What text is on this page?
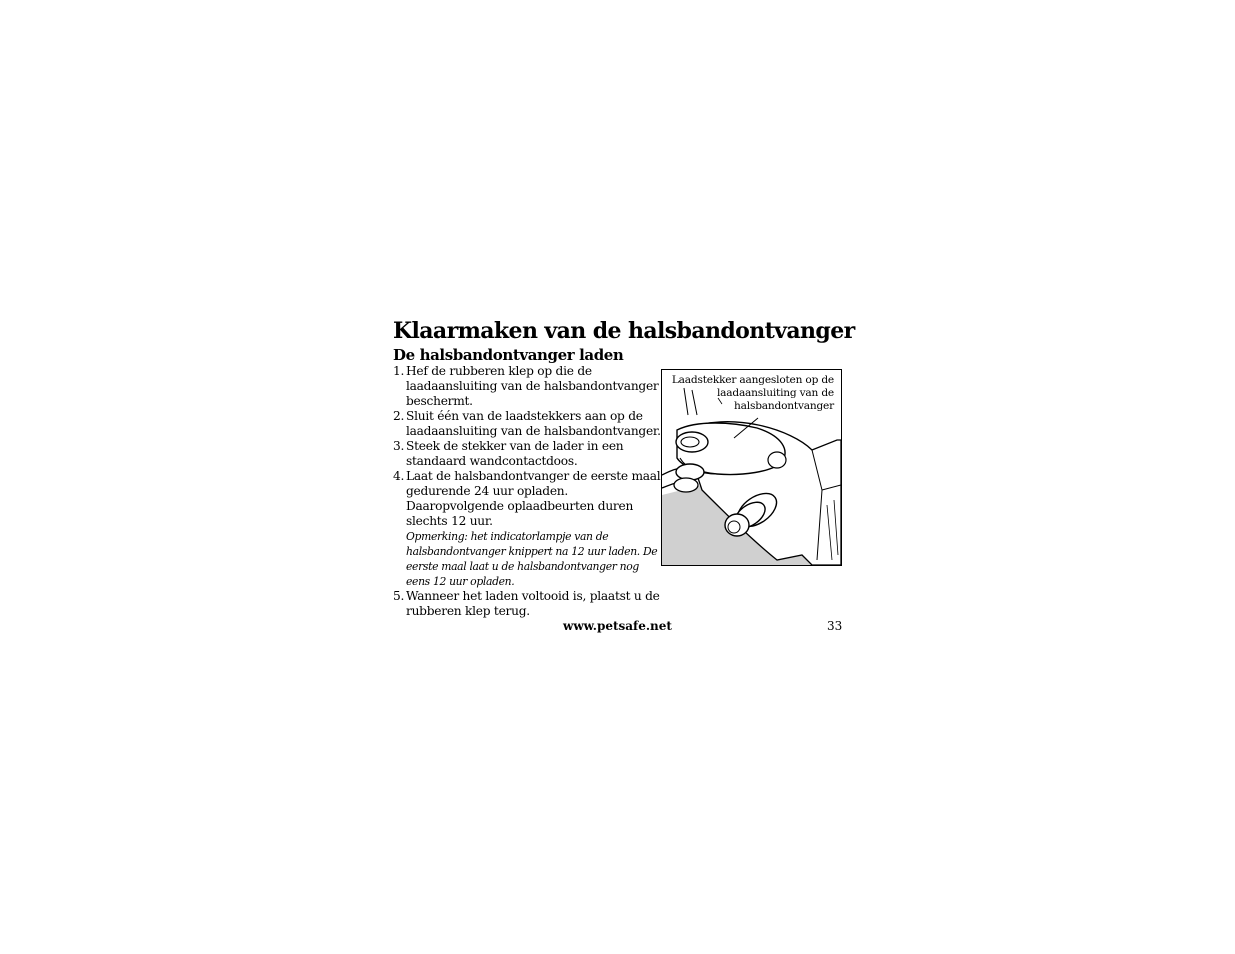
Klaarmaken van de halsbandontvanger
De halsbandontvanger laden
1. Hef de rubberen klep op die de laadaansluiting van de halsbandontvanger beschermt.
2. Sluit één van de laadstekkers aan op de laadaansluiting van de halsbandontvanger.
3. Steek de stekker van de lader in een standaard wandcontactdoos.
4. Laat de halsbandontvanger de eerste maal gedurende 24 uur opladen. Daaropvolgende oplaadbeurten duren slechts 12 uur.
Opmerking: het indicatorlampje van de halsbandontvanger knippert na 12 uur laden. De eerste maal laat u de halsbandontvanger nog eens 12 uur opladen.
5. Wanneer het laden voltooid is, plaatst u de rubberen klep terug.

Laadstekker aangesloten op de laadaansluiting van de halsbandontvanger

www.petsafe.net	33
